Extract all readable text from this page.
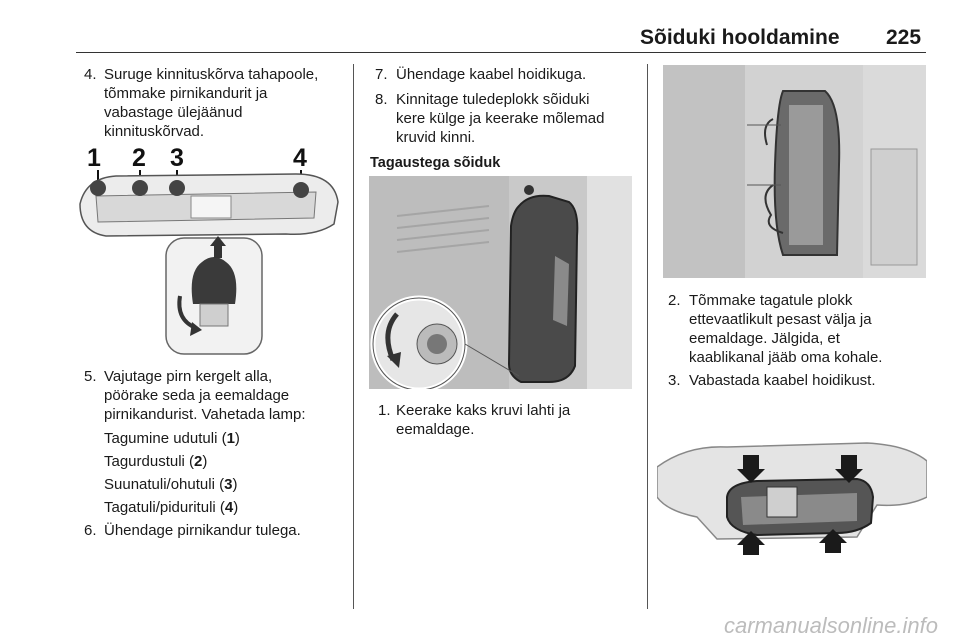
Sõiduki hooldamine 225
4. Suruge kinnituskõrva tahapoole,
tõmmake pirnikandurit ja
vabastage ülejäänud
kinnituskõrvad.
1 2 3	4
5. Vajutage pirn kergelt alla,
pöörake seda ja eemaldage
pirnikandurist. Vahetada lamp:
Tagumine udutuli (1)
Tagurdustuli (2)
Suunatuli/ohutuli (3)
Tagatuli/piduritulі (4)
6. Ühendage pirnikandur tulega.
7. Ühendage kaabel hoidikuga.
8. Kinnitage tuledeplokk sõiduki
kere külge ja keerake mõlemad
kruvid kinni.
Tagaustega sõiduk
1. Keerake kaks kruvi lahti ja
eemaldage.
2. Tõmmake tagatule plokk
ettevaatlikult pesast välja ja
eemaldage. Jälgida, et
kaablikanal jääb oma kohale.
3. Vabastada kaabel hoidikust.
carmanualsonline.info
